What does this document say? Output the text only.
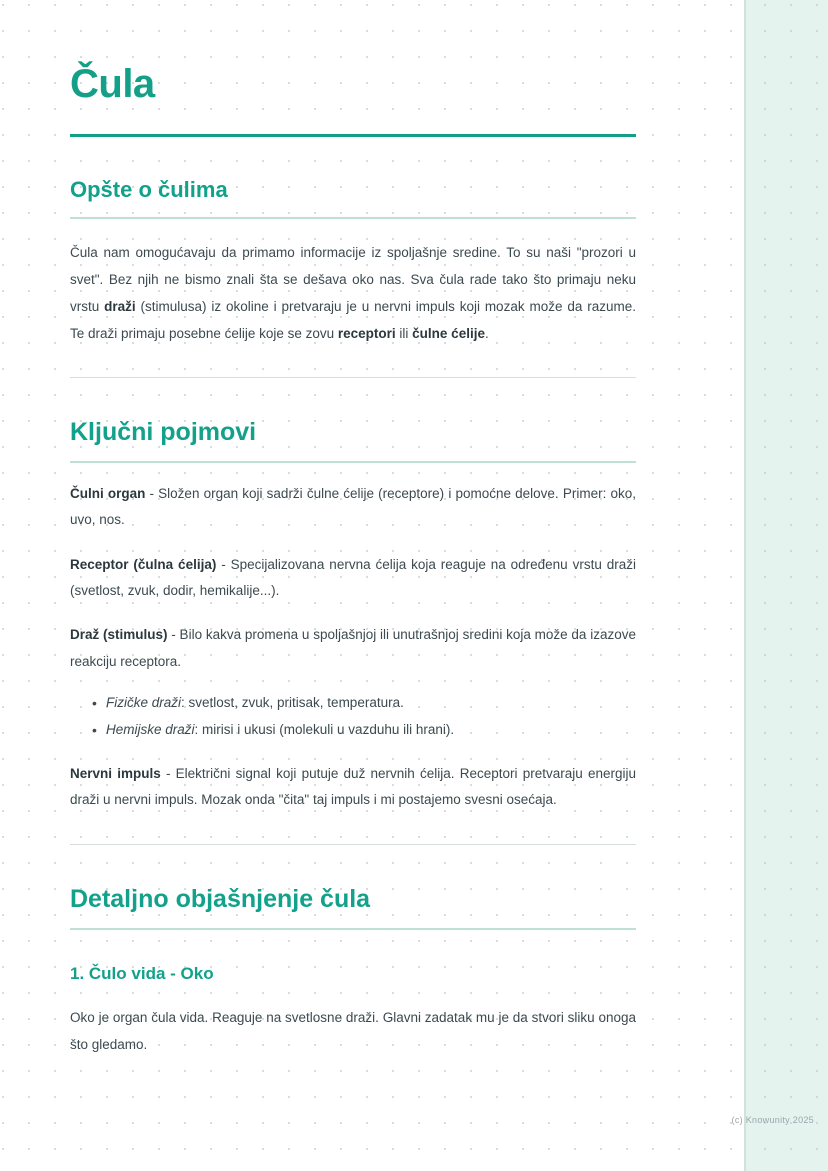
Čula
Opšte o čulima

Čula nam omogućavaju da primamo informacije iz spoljašnje sredine. To su naši "prozori u svet". Bez njih ne bismo znali šta se dešava oko nas. Sva čula rade tako što primaju neku vrstu draži (stimulusa) iz okoline i pretvaraju je u nervni impuls koji mozak može da razume. Te draži primaju posebne ćelije koje se zovu receptori ili čulne ćelije.

Ključni pojmovi

Čulni organ - Složen organ koji sadrži čulne ćelije (receptore) i pomoćne delove. Primer: oko, uvo, nos.

Receptor (čulna ćelija) - Specijalizovana nervna ćelija koja reaguje na određenu vrstu draži (svetlost, zvuk, dodir, hemikalije...).

Draž (stimulus) - Bilo kakva promena u spoljašnjoj ili unutrašnjoj sredini koja može da izazove reakciju receptora.

• Fizičke draži: svetlost, zvuk, pritisak, temperatura.
• Hemijske draži: mirisi i ukusi (molekuli u vazduhu ili hrani).

Nervni impuls - Električni signal koji putuje duž nervnih ćelija. Receptori pretvaraju energiju draži u nervni impuls. Mozak onda "čita" taj impuls i mi postajemo svesni osećaja.

Detaljno objašnjenje čula
1. Čulo vida - Oko

Oko je organ čula vida. Reaguje na svetlosne draži. Glavni zadatak mu je da stvori sliku onoga što gledamo.

(c) Knowunity 2025
